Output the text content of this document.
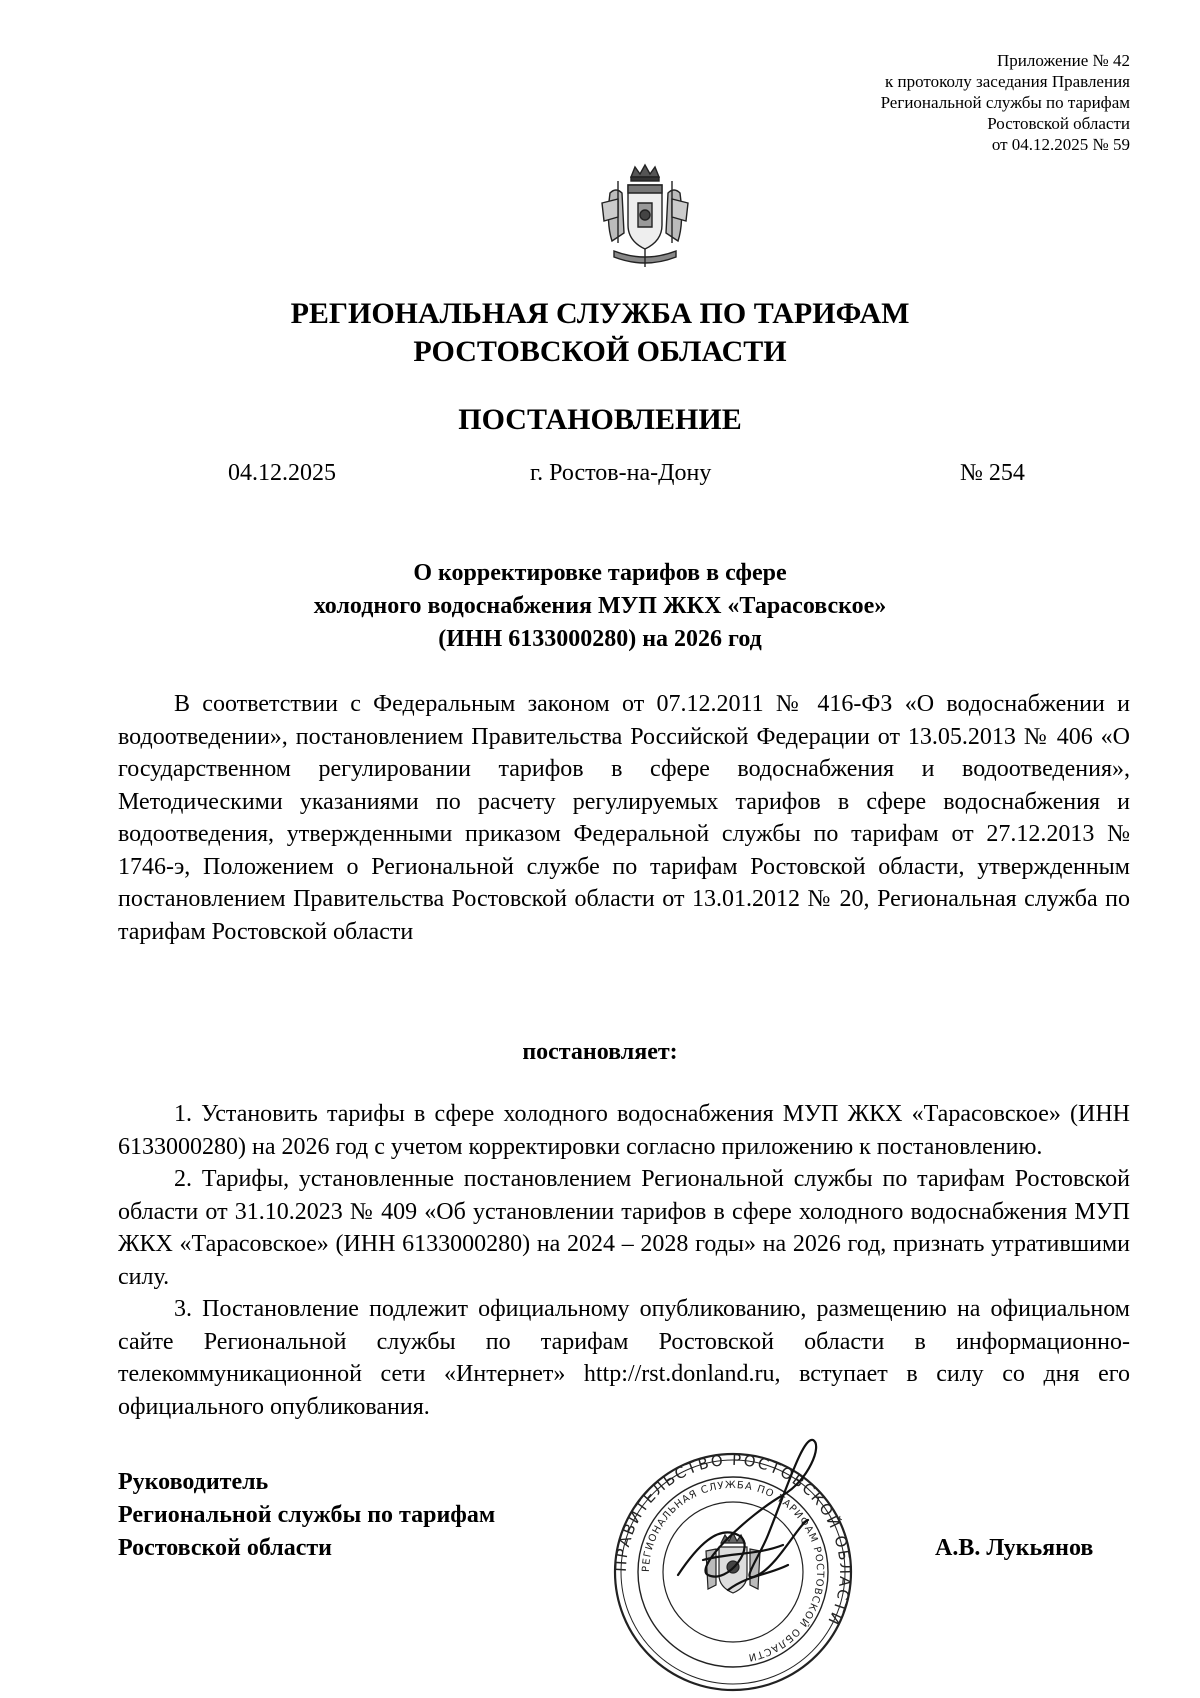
Приложение № 42
к протоколу заседания Правления
Региональной службы по тарифам
Ростовской области
от 04.12.2025 № 59
РЕГИОНАЛЬНАЯ СЛУЖБА ПО ТАРИФАМ
РОСТОВСКОЙ ОБЛАСТИ
ПОСТАНОВЛЕНИЕ
04.12.2025	г. Ростов-на-Дону	№ 254
О корректировке тарифов в сфере
холодного водоснабжения МУП ЖКХ «Тарасовское»
(ИНН 6133000280) на 2026 год
В соответствии с Федеральным законом от 07.12.2011 № 416-ФЗ «О водоснабжении и водоотведении», постановлением Правительства Российской Федерации от 13.05.2013 № 406 «О государственном регулировании тарифов в сфере водоснабжения и водоотведения», Методическими указаниями по расчету регулируемых тарифов в сфере водоснабжения и водоотведения, утвержденными приказом Федеральной службы по тарифам от 27.12.2013 № 1746-э, Положением о Региональной службе по тарифам Ростовской области, утвержденным постановлением Правительства Ростовской области от 13.01.2012 № 20, Региональная служба по тарифам Ростовской области
постановляет:

1. Установить тарифы в сфере холодного водоснабжения МУП ЖКХ «Тарасовское» (ИНН 6133000280) на 2026 год с учетом корректировки согласно приложению к постановлению.

2. Тарифы, установленные постановлением Региональной службы по тарифам Ростовской области от 31.10.2023 № 409 «Об установлении тарифов в сфере холодного водоснабжения МУП ЖКХ «Тарасовское» (ИНН 6133000280) на 2024 – 2028 годы» на 2026 год, признать утратившими силу.

3. Постановление подлежит официальному опубликованию, размещению на официальном сайте Региональной службы по тарифам Ростовской области в информационно-телекоммуникационной сети «Интернет» http://rst.donland.ru, вступает в силу со дня его официального опубликования.

Руководитель
Региональной службы по тарифам
Ростовской области
ПРАВИТЕЛЬСТВО РОСТОВСКОЙ ОБЛАСТИ
РЕГИОНАЛЬНАЯ СЛУЖБА ПО ТАРИФАМ РОСТОВСКОЙ ОБЛАСТИ
А.В. Лукьянов
